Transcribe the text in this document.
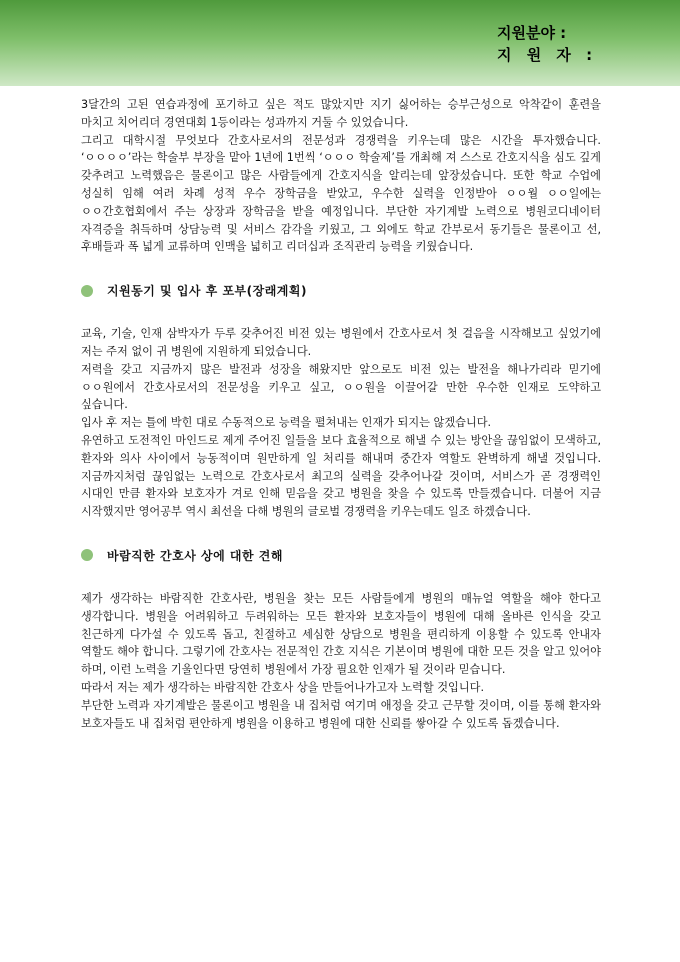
지원분야 :
지 원 자 :

3달간의 고된 연습과정에 포기하고 싶은 적도 많았지만 지기 싫어하는 승부근성으로 악착같이 훈련을 마치고 치어리더 경연대회 1등이라는 성과까지 거둘 수 있었습니다.

그리고 대학시절 무엇보다 간호사로서의 전문성과 경쟁력을 키우는데 많은 시간을 투자했습니다. ‘ㅇㅇㅇㅇ’라는 학술부 부장을 맡아 1년에 1번씩 ‘ㅇㅇㅇ 학술제’를 개최해 져 스스로 간호지식을 심도 깊게 갖추려고 노력했음은 물론이고 많은 사람들에게 간호지식을 알리는데 앞장섰습니다. 또한 학교 수업에 성실히 임해 여러 차례 성적 우수 장학금을 받았고, 우수한 실력을 인정받아 ㅇㅇ월 ㅇㅇ일에는 ㅇㅇ간호협회에서 주는 상장과 장학금을 받을 예정입니다. 부단한 자기계발 노력으로 병원코디네이터 자격증을 취득하며 상담능력 및 서비스 감각을 키웠고, 그 외에도 학교 간부로서 동기들은 물론이고 선, 후배들과 폭 넓게 교류하며 인맥을 넓히고 리더십과 조직관리 능력을 키웠습니다.

지원동기 및 입사 후 포부(장래계획)

교육, 기술, 인재 삼박자가 두루 갖추어진 비전 있는 병원에서 간호사로서 첫 걸음을 시작해보고 싶었기에 저는 주저 없이 귀 병원에 지원하게 되었습니다.

저력을 갖고 지금까지 많은 발전과 성장을 해왔지만 앞으로도 비전 있는 발전을 해나가리라 믿기에 ㅇㅇ원에서 간호사로서의 전문성을 키우고 싶고, ㅇㅇ원을 이끌어갈 만한 우수한 인재로 도약하고 싶습니다.

입사 후 저는 틀에 박힌 대로 수동적으로 능력을 펼쳐내는 인재가 되지는 않겠습니다.

유연하고 도전적인 마인드로 제게 주어진 일들을 보다 효율적으로 해낼 수 있는 방안을 끊임없이 모색하고, 환자와 의사 사이에서 능동적이며 원만하게 일 처리를 해내며 중간자 역할도 완벽하게 해낼 것입니다. 지금까지처럼 끊임없는 노력으로 간호사로서 최고의 실력을 갖추어나갈 것이며, 서비스가 곧 경쟁력인 시대인 만큼 환자와 보호자가 겨로 인해 믿음을 갖고 병원을 찾을 수 있도록 만들겠습니다. 더불어 지금 시작했지만 영어공부 역시 최선을 다해 병원의 글로벌 경쟁력을 키우는데도 일조 하겠습니다.

바람직한 간호사 상에 대한 견해

제가 생각하는 바람직한 간호사란, 병원을 찾는 모든 사람들에게 병원의 매뉴얼 역할을 해야 한다고 생각합니다. 병원을 어려워하고 두려워하는 모든 환자와 보호자들이 병원에 대해 올바른 인식을 갖고 친근하게 다가설 수 있도록 돕고, 친절하고 세심한 상담으로 병원을 편리하게 이용할 수 있도록 안내자 역할도 해야 합니다. 그렇기에 간호사는 전문적인 간호 지식은 기본이며 병원에 대한 모든 것을 알고 있어야 하며, 이런 노력을 기울인다면 당연히 병원에서 가장 필요한 인재가 될 것이라 믿습니다.

따라서 저는 제가 생각하는 바람직한 간호사 상을 만들어나가고자 노력할 것입니다.

부단한 노력과 자기계발은 물론이고 병원을 내 집처럼 여기며 애정을 갖고 근무할 것이며, 이를 통해 환자와 보호자들도 내 집처럼 편안하게 병원을 이용하고 병원에 대한 신뢰를 쌓아갈 수 있도록 돕겠습니다.
